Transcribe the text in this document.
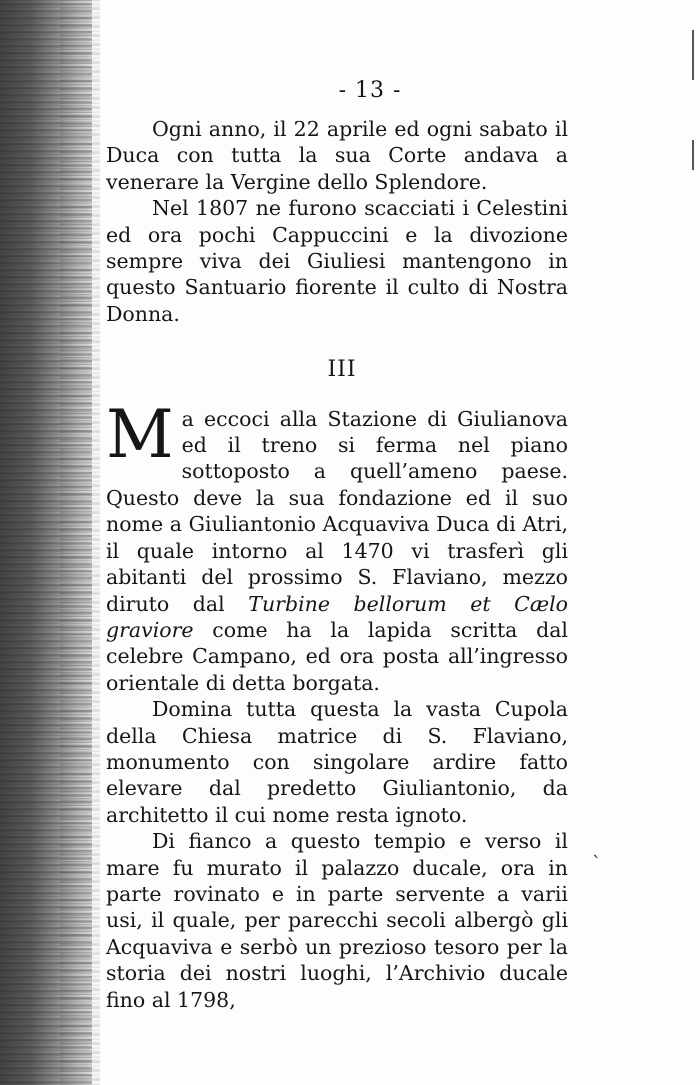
- 13 -

Ogni anno, il 22 aprile ed ogni sabato il Duca con tutta la sua Corte andava a venerare la Vergine dello Splendore.

Nel 1807 ne furono scacciati i Celestini ed ora pochi Cappuccini e la divozione sempre viva dei Giuliesi mantengono in questo Santuario fiorente il culto di Nostra Donna.

III

Ma eccoci alla Stazione di Giulianova ed il treno si ferma nel piano sottoposto a quell’ameno paese. Questo deve la sua fondazione ed il suo nome a Giuliantonio Acquaviva Duca di Atri, il quale intorno al 1470 vi trasferì gli abitanti del prossimo S. Flaviano, mezzo diruto dal Turbine bellorum et Cælo graviore come ha la lapida scritta dal celebre Campano, ed ora posta all’ingresso orientale di detta borgata.

Domina tutta questa la vasta Cupola della Chiesa matrice di S. Flaviano, monumento con singolare ardire fatto elevare dal predetto Giuliantonio, da architetto il cui nome resta ignoto.

Di fianco a questo tempio e verso il mare fu murato il palazzo ducale, ora in parte rovinato e in parte servente a varii usi, il quale, per parecchi secoli albergò gli Acquaviva e serbò un prezioso tesoro per la storia dei nostri luoghi, l’Archivio ducale fino al 1798,

ˎ
